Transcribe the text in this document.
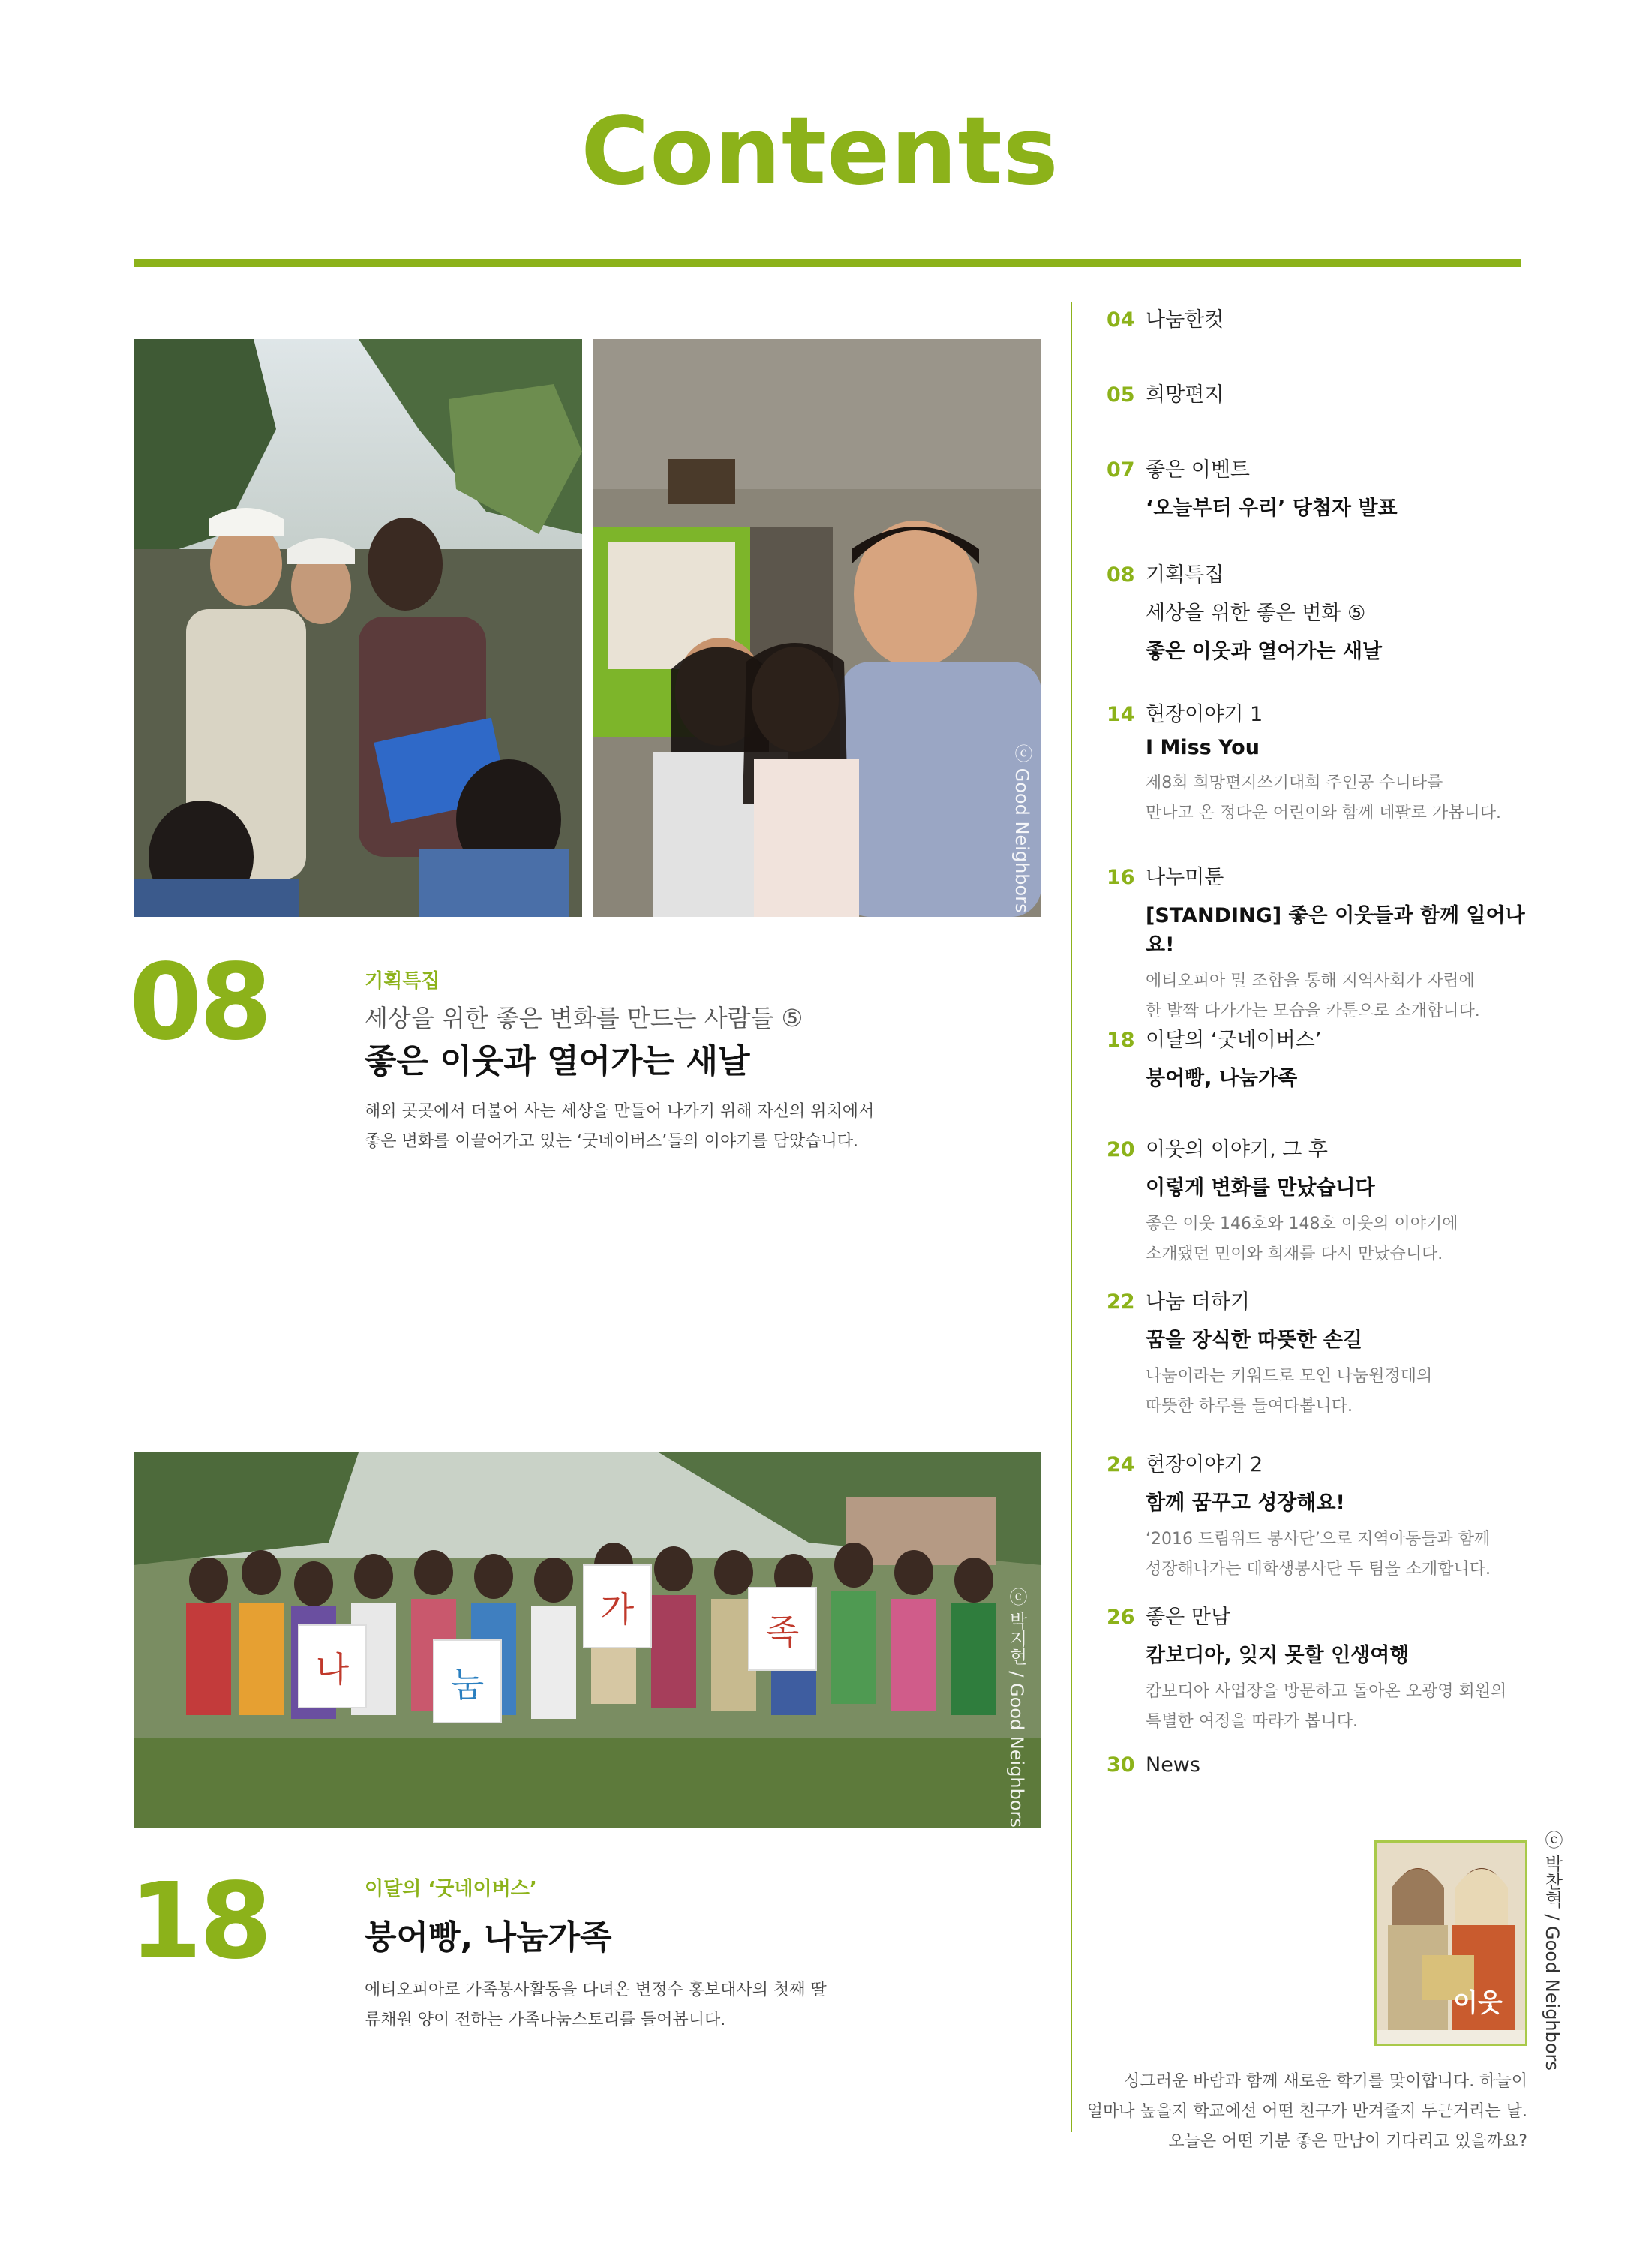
Contents
ⓒ Good Neighbors
08	기획특집
세상을 위한 좋은 변화를 만드는 사람들 ⑤
좋은 이웃과 열어가는 새날
해외 곳곳에서 더불어 사는 세상을 만들어 나가기 위해 자신의 위치에서
좋은 변화를 이끌어가고 있는 ‘굿네이버스’들의 이야기를 담았습니다.
나	눔
가
족	ⓒ 박지현 / Good Neighbors
18	이달의 ‘굿네이버스’
붕어빵, 나눔가족
에티오피아로 가족봉사활동을 다녀온 변정수 홍보대사의 첫째 딸
류채원 양이 전하는 가족나눔스토리를 들어봅니다.
04 나눔한컷
05 희망편지
07 좋은 이벤트
‘오늘부터 우리’ 당첨자 발표
08 기획특집
세상을 위한 좋은 변화 ⑤
좋은 이웃과 열어가는 새날
14 현장이야기 1
I Miss You
제8회 희망편지쓰기대회 주인공 수니타를
만나고 온 정다운 어린이와 함께 네팔로 가봅니다.
16 나누미툰
[STANDING] 좋은 이웃들과 함께 일어나요!
에티오피아 밀 조합을 통해 지역사회가 자립에
한 발짝 다가가는 모습을 카툰으로 소개합니다.
18 이달의 ‘굿네이버스’
붕어빵, 나눔가족
20 이웃의 이야기, 그 후
이렇게 변화를 만났습니다
좋은 이웃 146호와 148호 이웃의 이야기에
소개됐던 민이와 희재를 다시 만났습니다.
22 나눔 더하기
꿈을 장식한 따뜻한 손길
나눔이라는 키워드로 모인 나눔원정대의
따뜻한 하루를 들여다봅니다.
24 현장이야기 2
함께 꿈꾸고 성장해요!
‘2016 드림위드 봉사단’으로 지역아동들과 함께
성장해나가는 대학생봉사단 두 팀을 소개합니다.
26 좋은 만남
캄보디아, 잊지 못할 인생여행
캄보디아 사업장을 방문하고 돌아온 오광영 회원의
특별한 여정을 따라가 봅니다.
30 News
이웃 ⓒ 박찬혁 / Good Neighbors
싱그러운 바람과 함께 새로운 학기를 맞이합니다. 하늘이
얼마나 높을지 학교에선 어떤 친구가 반겨줄지 두근거리는 날.
오늘은 어떤 기분 좋은 만남이 기다리고 있을까요?
